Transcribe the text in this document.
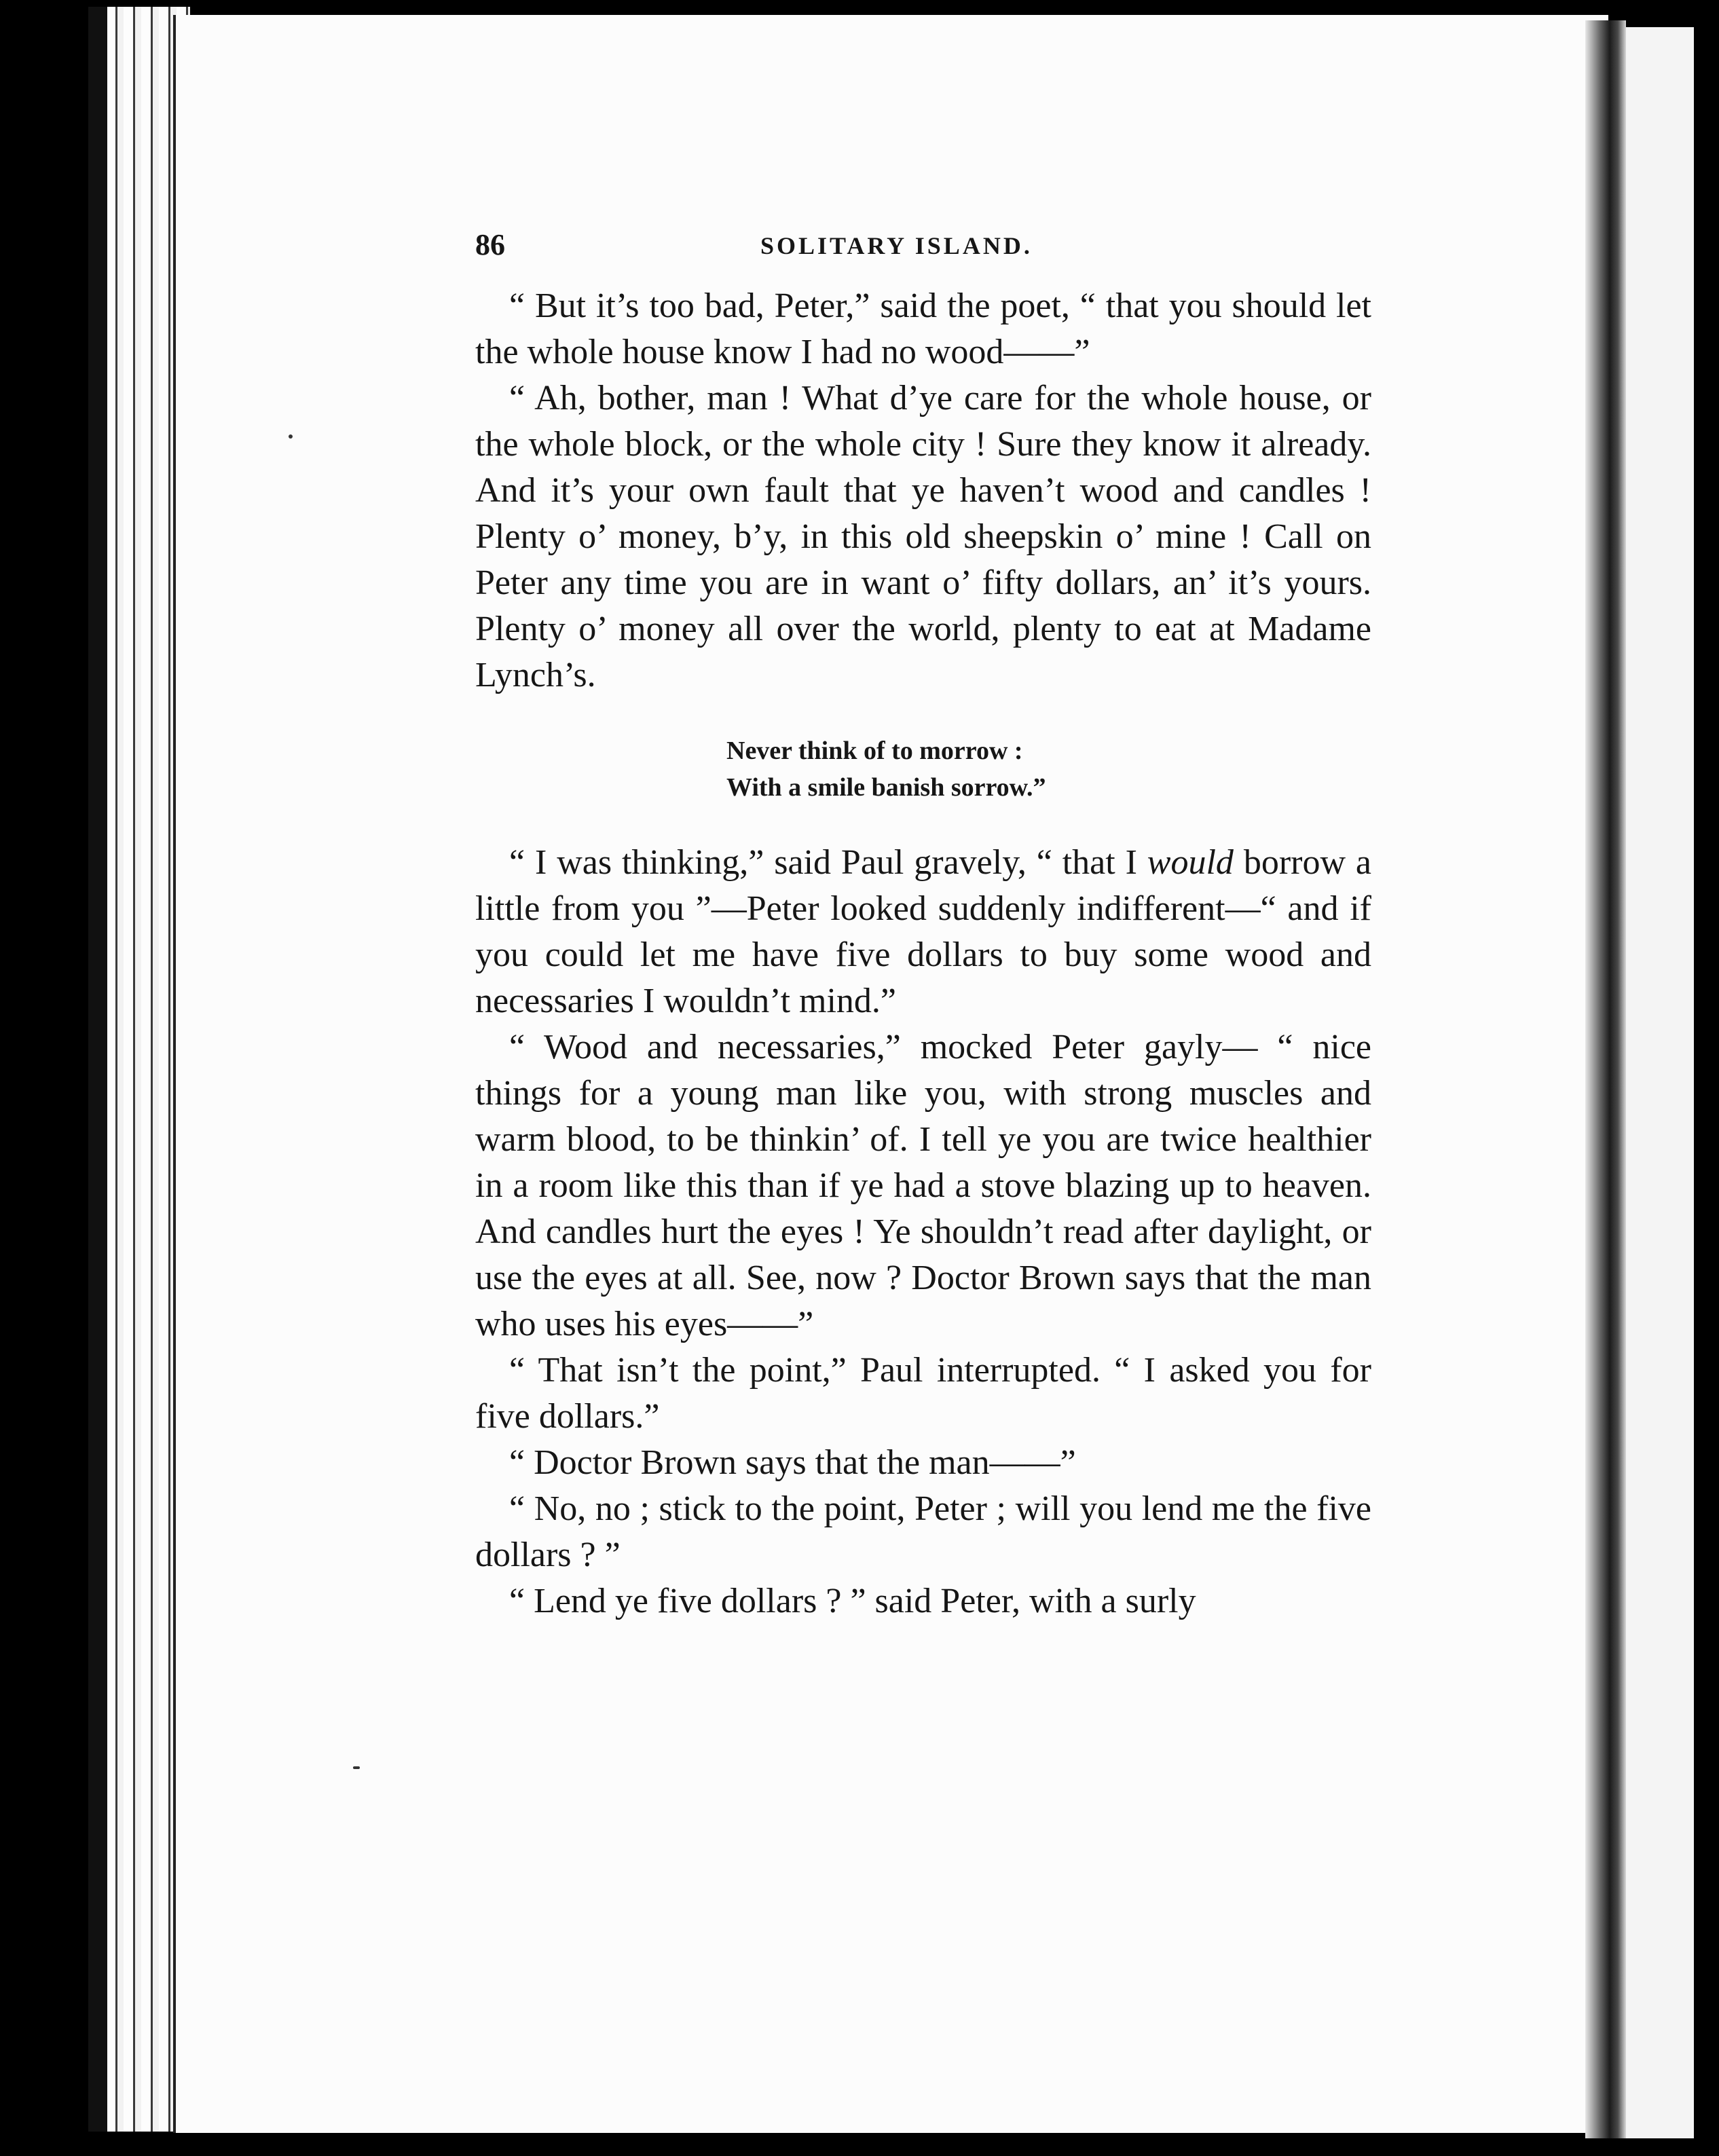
86	SOLITARY ISLAND.

“ But it’s too bad, Peter,” said the poet, “ that you should let the whole house know I had no wood——”

“ Ah, bother, man ! What d’ye care for the whole house, or the whole block, or the whole city ! Sure they know it already. And it’s your own fault that ye haven’t wood and candles ! Plenty o’ money, b’y, in this old sheepskin o’ mine ! Call on Peter any time you are in want o’ fifty dollars, an’ it’s yours. Plenty o’ money all over the world, plenty to eat at Madame Lynch’s.

Never think of to morrow :
With a smile banish sorrow.”

“ I was thinking,” said Paul gravely, “ that I would borrow a little from you ”—Peter looked suddenly indifferent—“ and if you could let me have five dollars to buy some wood and necessaries I wouldn’t mind.”

“ Wood and necessaries,” mocked Peter gayly— “ nice things for a young man like you, with strong muscles and warm blood, to be thinkin’ of. I tell ye you are twice healthier in a room like this than if ye had a stove blazing up to heaven. And candles hurt the eyes ! Ye shouldn’t read after daylight, or use the eyes at all. See, now ? Doctor Brown says that the man who uses his eyes——”

“ That isn’t the point,” Paul interrupted. “ I asked you for five dollars.”

“ Doctor Brown says that the man——”

“ No, no ; stick to the point, Peter ; will you lend me the five dollars ? ”

“ Lend ye five dollars ? ” said Peter, with a surly
